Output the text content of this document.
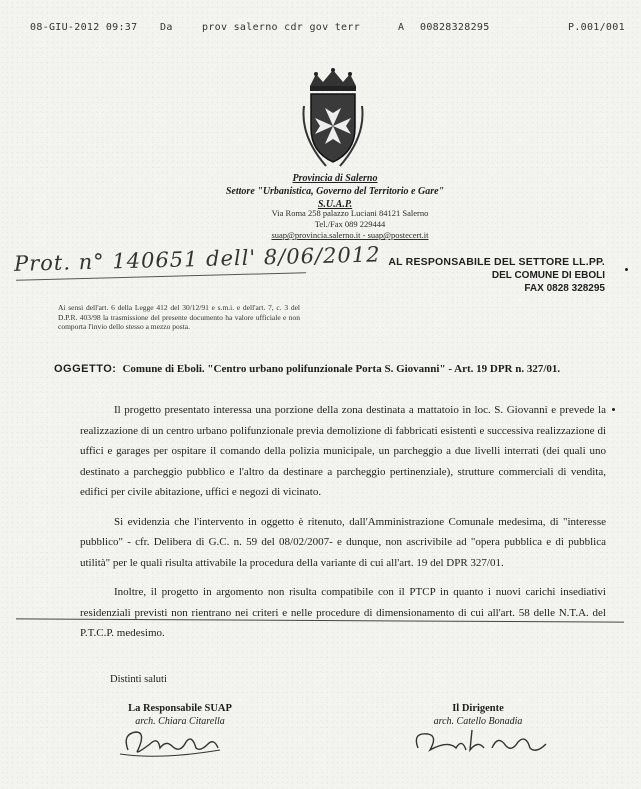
08-GIU-2012 09:37 Da	prov salerno cdr gov terr	A 00828328295	P.001/001
Provincia di Salerno
Settore "Urbanistica, Governo del Territorio e Gare"
S.U.A.P.
Via Roma 258 palazzo Luciani 84121 Salerno
Tel./Fax 089 229444
suap@provincia.salerno.it - suap@postecert.it
Prot. n° 140651 dell' 8/06/2012 AL RESPONSABILE DEL SETTORE LL.PP.
DEL COMUNE DI EBOLI
FAX 0828 328295
Ai sensi dell'art. 6 della Legge 412 del 30/12/91 e s.m.i. e dell'art. 7, c. 3 del D.P.R. 403/98 la trasmissione del presente documento ha valore ufficiale e non comporta l'invio dello stesso a mezzo posta.
OGGETTO: Comune di Eboli. "Centro urbano polifunzionale Porta S. Giovanni" - Art. 19 DPR n. 327/01.

Il progetto presentato interessa una porzione della zona destinata a mattatoio in loc. S. Giovanni e prevede la realizzazione di un centro urbano polifunzionale previa demolizione di fabbricati esistenti e successiva realizzazione di uffici e garages per ospitare il comando della polizia municipale, un parcheggio a due livelli interrati (dei quali uno destinato a parcheggio pubblico e l'altro da destinare a parcheggio pertinenziale), strutture commerciali di vendita, edifici per civile abitazione, uffici e negozi di vicinato.

Si evidenzia che l'intervento in oggetto è ritenuto, dall'Amministrazione Comunale medesima, di "interesse pubblico" - cfr. Delibera di G.C. n. 59 del 08/02/2007- e dunque, non ascrivibile ad "opera pubblica e di pubblica utilità" per le quali risulta attivabile la procedura della variante di cui all'art. 19 del DPR 327/01.

Inoltre, il progetto in argomento non risulta compatibile con il PTCP in quanto i nuovi carichi insediativi residenziali previsti non rientrano nei criteri e nelle procedure di dimensionamento di cui all'art. 58 delle N.T.A. del P.T.C.P. medesimo.

Distinti saluti
La Responsabile SUAP
arch. Chiara Citarella
Il Dirigente
arch. Catello Bonadia
